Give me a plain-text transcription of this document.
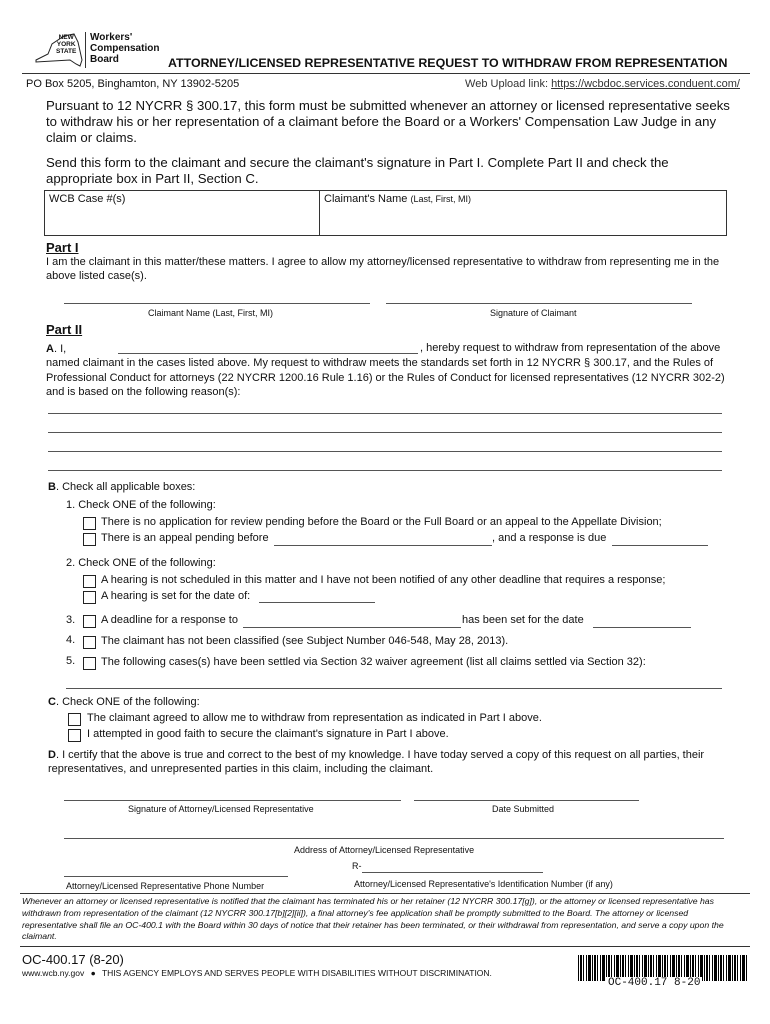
NEW
YORK
STATE
Workers'
Compensation
Board	ATTORNEY/LICENSED REPRESENTATIVE REQUEST TO WITHDRAW FROM REPRESENTATION
PO Box 5205, Binghamton, NY 13902-5205	Web Upload link: https://wcbdoc.services.conduent.com/
Pursuant to 12 NYCRR § 300.17, this form must be submitted whenever an attorney or licensed representative seeks to withdraw his or her representation of a claimant before the Board or a Workers' Compensation Law Judge in any claim or claims.
Send this form to the claimant and secure the claimant's signature in Part I. Complete Part II and check the appropriate box in Part II, Section C.
WCB Case #(s)	Claimant's Name (Last, First, MI)
Part I
I am the claimant in this matter/these matters. I agree to allow my attorney/licensed representative to withdraw from representing me in the above listed case(s).
Claimant Name (Last, First, MI)	Signature of Claimant
Part II
A. I,	, hereby request to withdraw from representation of the above
named claimant in the cases listed above. My request to withdraw meets the standards set forth in 12 NYCRR § 300.17, and the Rules of Professional Conduct for attorneys (22 NYCRR 1200.16 Rule 1.16) or the Rules of Conduct for licensed representatives (12 NYCRR 302-2) and is based on the following reason(s):
B. Check all applicable boxes:
1. Check ONE of the following:
There is no application for review pending before the Board or the Full Board or an appeal to the Appellate Division;
There is an appeal pending before	, and a response is due
2. Check ONE of the following:
A hearing is not scheduled in this matter and I have not been notified of any other deadline that requires a response;
A hearing is set for the date of:
3. A deadline for a response to	has been set for the date
4. The claimant has not been classified (see Subject Number 046-548, May 28, 2013).
5. The following cases(s) have been settled via Section 32 waiver agreement (list all claims settled via Section 32):
C. Check ONE of the following:
The claimant agreed to allow me to withdraw from representation as indicated in Part I above.
I attempted in good faith to secure the claimant's signature in Part I above.
D. I certify that the above is true and correct to the best of my knowledge. I have today served a copy of this request on all parties, their representatives, and unrepresented parties in this claim, including the claimant.
Signature of Attorney/Licensed Representative	Date Submitted
Address of Attorney/Licensed Representative
R-
Attorney/Licensed Representative Phone Number	Attorney/Licensed Representative's Identification Number (if any)
Whenever an attorney or licensed representative is notified that the claimant has terminated his or her retainer (12 NYCRR 300.17[g]), or the attorney or licensed representative has withdrawn from representation of the claimant (12 NYCRR 300.17[b][2][ii]), a final attorney's fee application shall be promptly submitted to the Board. The attorney or licensed representative shall file an OC-400.1 with the Board within 30 days of notice that their retainer has been terminated, or their withdrawal from representation, and serve a copy upon the claimant.
OC-400.17 (8-20)
www.wcb.ny.gov ● THIS AGENCY EMPLOYS AND SERVES PEOPLE WITH DISABILITIES WITHOUT DISCRIMINATION.
OC-400.17 8-20
